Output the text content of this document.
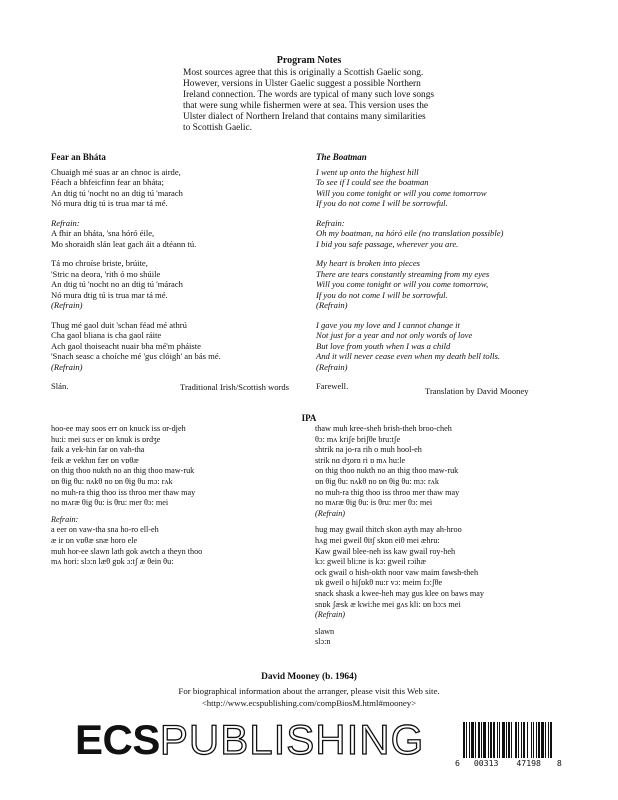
Program Notes
Most sources agree that this is originally a Scottish Gaelic song.
However, versions in Ulster Gaelic suggest a possible Northern
Ireland connection. The words are typical of many such love songs
that were sung while fishermen were at sea. This version uses the
Ulster dialect of Northern Ireland that contains many similarities
to Scottish Gaelic.
Fear an Bháta

Chuaigh mé suas ar an chnoc is airde,
Féach a bhfeicfinn fear an bháta;
An dtig tú 'nocht no an dtig tú 'marach
Nó mura dtig tú is trua mar tá mé.

Refrain:
A fhir an bháta, 'sna hóró éile,
Mo shoraidh slán leat gach áit a dtéann tú.

Tá mo chroíse briste, brúite,
'Stric na deora, 'rith ó mo shúile
An dtig tú 'nocht no an dtig tú 'márach
Nó mura dtig tú is trua mar tá mé.
(Refrain)

Thug mé gaol duit 'schan féad mé athrú
Cha gaol bliana is cha gaol ráite
Ach gaol thoiseacht nuair bha mé'm pháiste
'Snach seasc a choíche mé 'gus clóigh' an bás mé.
(Refrain)

Slán.	Traditional Irish/Scottish words
The Boatman

I went up onto the highest hill
To see if I could see the boatman
Will you come tonight or will you come tomorrow
If you do not come I will be sorrowful.

Refrain:
Oh my boatman, na hóró eile (no translation possible)
I bid you safe passage, wherever you are.

My heart is broken into pieces
There are tears constantly streaming from my eyes
Will you come tonight or will you come tomorrow,
If you do not come I will be sorrowful.
(Refrain)

I gave you my love and I cannot change it
Not just for a year and not only words of love
But love from youth when I was a child
And it will never cease even when my death bell tolls.
(Refrain)

Farewell.	Translation by David Mooney
IPA
hoo-ee may soos err on knuck iss or-djeh
hu:i: mei su:s er ɒn knuk is ɒrdʒe
faik a vek-hin far on vah-tha
feik æ vekhɪn fær ɒn vɒθæ
on thig thoo nukth no an thig thoo maw-ruk
ɒn θig θu: nʌkθ no ɒn θig θu mɔ: rʌk
no muh-ra thig thoo iss throo mer thaw may
no mʌræ θig θu: is θru: mer θɔ: mei
Refrain:
a eer on vaw-tha sna ho-ro ell-eh
æ ir ɒn vɒθæ snæ horo ele
muh hor-ee slawn lath gok awtch a theyn thoo
mʌ hori: slɔ:n læθ gɒk ɔ:tʃ æ θein θu:
thaw muh kree-sheh brish-theh broo-cheh
θɔ: mʌ kriʃe briʃθe bru:tʃe
shtrik na jo-ra rih o muh hool-eh
strik nɑ dʒorɑ ri ɒ mʌ hu:le
on thig thoo nukth no an thig thoo maw-ruk
ɒn θig θu: nʌkθ no ɒn θig θu: mɔ: rʌk
no muh-ra thig thoo iss throo mer thaw may
no mʌræ θig θu: is θru: mer θɔ: mei
(Refrain)
hug may gwail thitch skon ayth may ah-hroo
hʌg mei gweil θitʃ skɒn eiθ mei æhru:
Kaw gwail blee-neh iss kaw gwail roy-heh
kɔ: gweil bli:ne is kɔ: gweil rɔihæ
ock gwail o hish-okth noor vaw maim fawsh-theh
ɒk gweil o hiʃɒkθ nu:r vɔ: meim fɔ:ʃθe
snack shask a kwee-heh may gus klee on baws may
snɒk ʃæsk æ kwi:he mei gʌs kli: ɒn bɔ:s mei
(Refrain)
slawn
slɔ:n
David Mooney (b. 1964)
For biographical information about the arranger, please visit this Web site.
<http://www.ecspublishing.com/compBiosM.html#mooney>
ECSPUBLISHING	6 00313 47198 8
